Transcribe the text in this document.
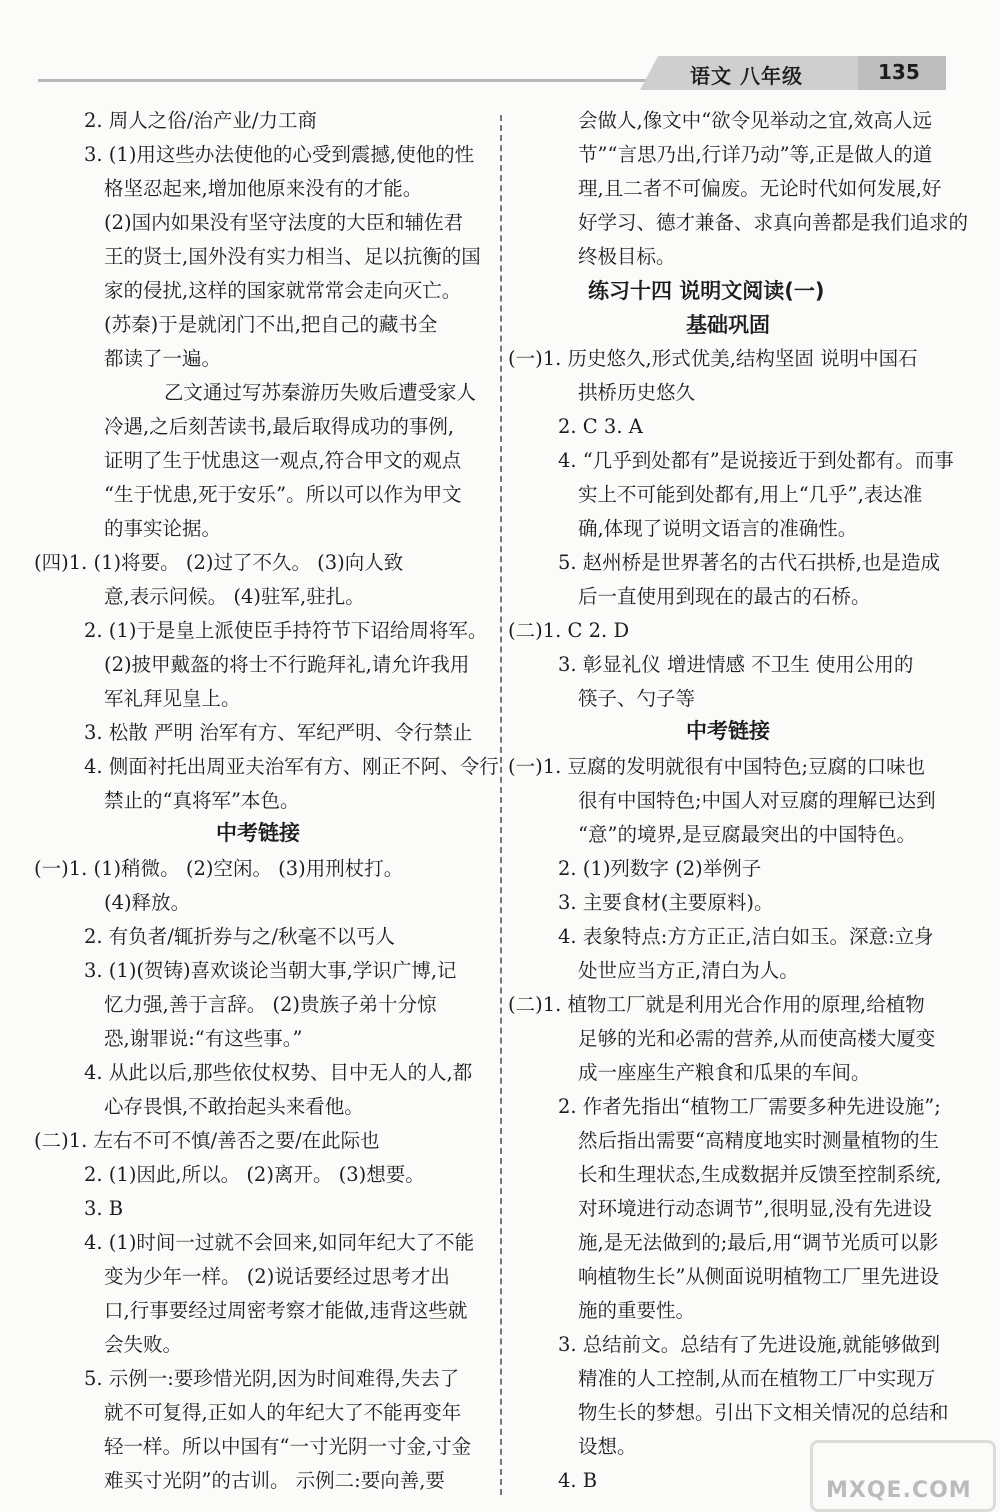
语文 八年级	135
2. 周人之俗/治产业/力工商
3. (1)用这些办法使他的心受到震撼,使他的性
格坚忍起来,增加他原来没有的才能。
(2)国内如果没有坚守法度的大臣和辅佐君
王的贤士,国外没有实力相当、足以抗衡的国
家的侵扰,这样的国家就常常会走向灭亡。
(苏秦)于是就闭门不出,把自己的藏书全
都读了一遍。
乙文通过写苏秦游历失败后遭受家人
冷遇,之后刻苦读书,最后取得成功的事例,
证明了生于忧患这一观点,符合甲文的观点
“生于忧患,死于安乐”。所以可以作为甲文
的事实论据。
(四)1. (1)将要。 (2)过了不久。 (3)向人致
意,表示问候。 (4)驻军,驻扎。
2. (1)于是皇上派使臣手持符节下诏给周将军。
(2)披甲戴盔的将士不行跪拜礼,请允许我用
军礼拜见皇上。
3. 松散 严明 治军有方、军纪严明、令行禁止
4. 侧面衬托出周亚夫治军有方、刚正不阿、令行
禁止的“真将军”本色。
中考链接
(一)1. (1)稍微。 (2)空闲。 (3)用刑杖打。
(4)释放。
2. 有负者/辄折券与之/秋毫不以丐人
3. (1)(贺铸)喜欢谈论当朝大事,学识广博,记
忆力强,善于言辞。 (2)贵族子弟十分惊
恐,谢罪说:“有这些事。”
4. 从此以后,那些依仗权势、目中无人的人,都
心存畏惧,不敢抬起头来看他。
(二)1. 左右不可不慎/善否之要/在此际也
2. (1)因此,所以。 (2)离开。 (3)想要。
3. B
4. (1)时间一过就不会回来,如同年纪大了不能
变为少年一样。 (2)说话要经过思考才出
口,行事要经过周密考察才能做,违背这些就
会失败。
5. 示例一:要珍惜光阴,因为时间难得,失去了
就不可复得,正如人的年纪大了不能再变年
轻一样。所以中国有“一寸光阴一寸金,寸金
难买寸光阴”的古训。 示例二:要向善,要
会做人,像文中“欲令见举动之宜,效高人远
节”“言思乃出,行详乃动”等,正是做人的道
理,且二者不可偏废。无论时代如何发展,好
好学习、德才兼备、求真向善都是我们追求的
终极目标。
练习十四 说明文阅读(一)
基础巩固
(一)1. 历史悠久,形式优美,结构坚固 说明中国石
拱桥历史悠久
2. C 3. A
4. “几乎到处都有”是说接近于到处都有。而事
实上不可能到处都有,用上“几乎”,表达准
确,体现了说明文语言的准确性。
5. 赵州桥是世界著名的古代石拱桥,也是造成
后一直使用到现在的最古的石桥。
(二)1. C 2. D
3. 彰显礼仪 增进情感 不卫生 使用公用的
筷子、勺子等
中考链接
(一)1. 豆腐的发明就很有中国特色;豆腐的口味也
很有中国特色;中国人对豆腐的理解已达到
“意”的境界,是豆腐最突出的中国特色。
2. (1)列数字 (2)举例子
3. 主要食材(主要原料)。
4. 表象特点:方方正正,洁白如玉。深意:立身
处世应当方正,清白为人。
(二)1. 植物工厂就是利用光合作用的原理,给植物
足够的光和必需的营养,从而使高楼大厦变
成一座座生产粮食和瓜果的车间。
2. 作者先指出“植物工厂需要多种先进设施”;
然后指出需要“高精度地实时测量植物的生
长和生理状态,生成数据并反馈至控制系统,
对环境进行动态调节”,很明显,没有先进设
施,是无法做到的;最后,用“调节光质可以影
响植物生长”从侧面说明植物工厂里先进设
施的重要性。
3. 总结前文。总结有了先进设施,就能够做到
精准的人工控制,从而在植物工厂中实现万
物生长的梦想。引出下文相关情况的总结和
设想。
4. B	MXQE.COM
